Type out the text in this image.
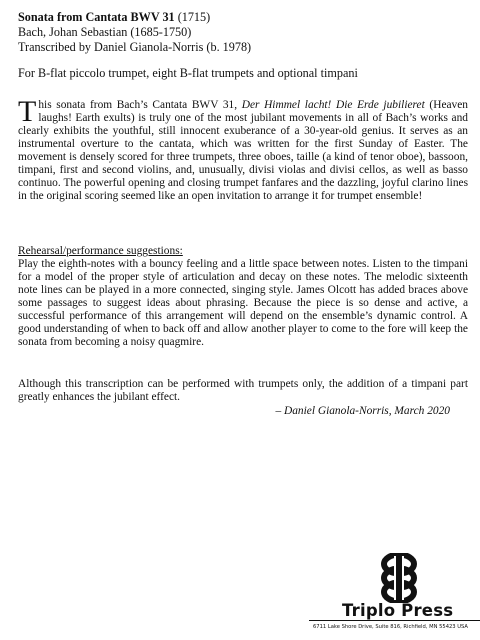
Sonata from Cantata BWV 31 (1715)
Bach, Johan Sebastian (1685-1750)
Transcribed by Daniel Gianola-Norris (b. 1978)
For B-flat piccolo trumpet, eight B-flat trumpets and optional timpani
This sonata from Bach’s Cantata BWV 31, Der Himmel lacht! Die Erde jubilieret (Heaven laughs! Earth exults) is truly one of the most jubilant movements in all of Bach’s works and clearly exhibits the youthful, still innocent exuberance of a 30-year-old genius. It serves as an instrumental overture to the cantata, which was written for the first Sunday of Easter. The movement is densely scored for three trumpets, three oboes, taille (a kind of tenor oboe), bassoon, timpani, first and second violins, and, unusually, divisi violas and divisi cellos, as well as basso continuo. The powerful opening and closing trumpet fanfares and the dazzling, joyful clarino lines in the original scoring seemed like an open invitation to arrange it for trumpet ensemble!
Rehearsal/performance suggestions:
Play the eighth-notes with a bouncy feeling and a little space between notes. Listen to the timpani for a model of the proper style of articulation and decay on these notes. The melodic sixteenth note lines can be played in a more connected, singing style. James Olcott has added braces above some passages to suggest ideas about phrasing. Because the piece is so dense and active, a successful performance of this arrangement will depend on the ensemble’s dynamic control. A good understanding of when to back off and allow another player to come to the fore will keep the sonata from becoming a noisy quagmire.
Although this transcription can be performed with trumpets only, the addition of a timpani part greatly enhances the jubilant effect.
– Daniel Gianola-Norris, March 2020
Triplo Press
6711 Lake Shore Drive, Suite 816, Richfield, MN 55423 USA
